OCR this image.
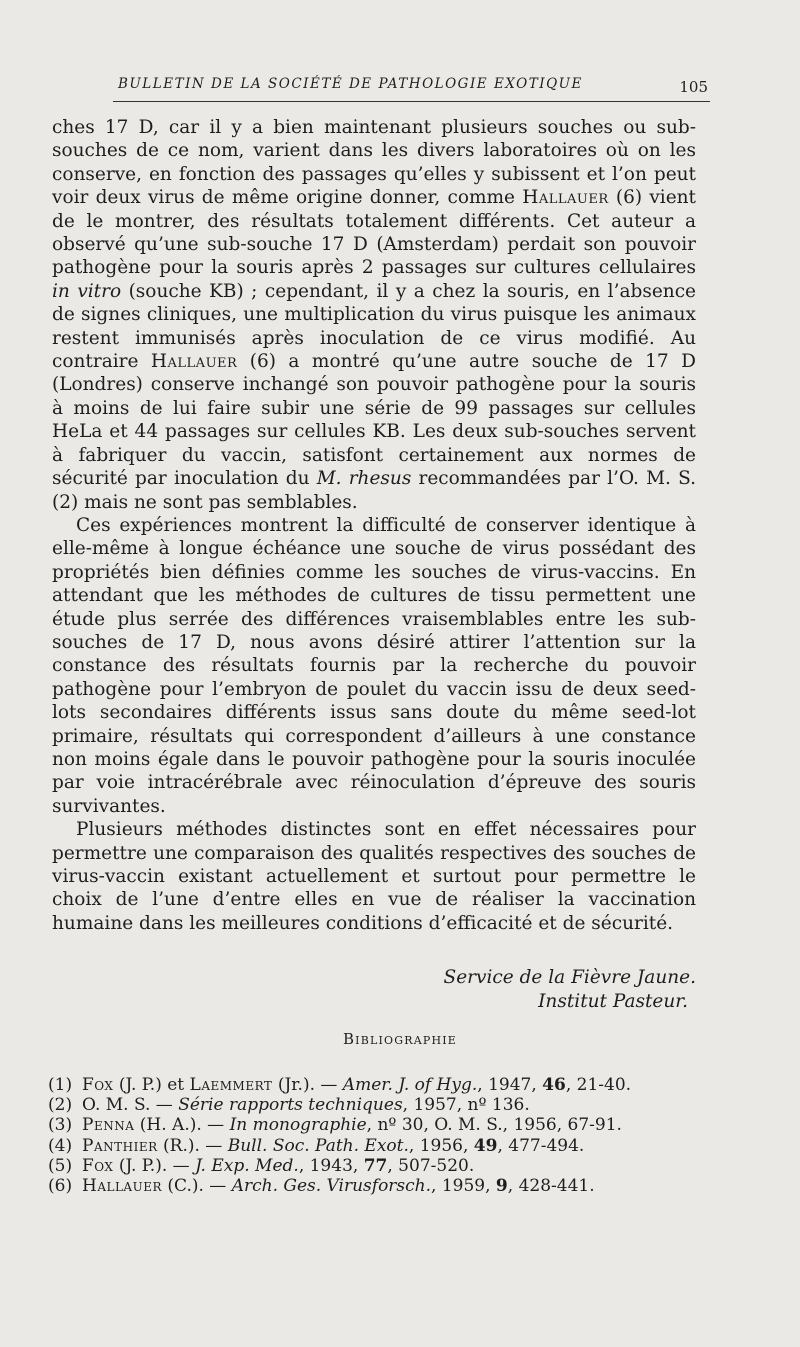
BULLETIN DE LA SOCIÉTÉ DE PATHOLOGIE EXOTIQUE	105

ches 17 D, car il y a bien maintenant plusieurs souches ou sub-souches de ce nom, varient dans les divers laboratoires où on les conserve, en fonction des passages qu’elles y subissent et l’on peut voir deux virus de même origine donner, comme Hallauer (6) vient de le montrer, des résultats totalement différents. Cet auteur a observé qu’une sub-souche 17 D (Amsterdam) perdait son pouvoir pathogène pour la souris après 2 passages sur cultures cellulaires in vitro (souche KB) ; cependant, il y a chez la souris, en l’absence de signes cliniques, une multiplication du virus puisque les animaux restent immunisés après inoculation de ce virus modifié. Au contraire Hallauer (6) a montré qu’une autre souche de 17 D (Londres) conserve inchangé son pouvoir pathogène pour la souris à moins de lui faire subir une série de 99 passages sur cellules HeLa et 44 passages sur cellules KB. Les deux sub-souches servent à fabriquer du vaccin, satisfont certainement aux normes de sécurité par inoculation du M. rhesus recommandées par l’O. M. S. (2) mais ne sont pas semblables.

Ces expériences montrent la difficulté de conserver identique à elle-même à longue échéance une souche de virus possédant des propriétés bien définies comme les souches de virus-vaccins. En attendant que les méthodes de cultures de tissu permettent une étude plus serrée des différences vraisemblables entre les sub-souches de 17 D, nous avons désiré attirer l’attention sur la constance des résultats fournis par la recherche du pouvoir pathogène pour l’embryon de poulet du vaccin issu de deux seed-lots secondaires différents issus sans doute du même seed-lot primaire, résultats qui correspondent d’ailleurs à une constance non moins égale dans le pouvoir pathogène pour la souris inoculée par voie intracérébrale avec réinoculation d’épreuve des souris survivantes.

Plusieurs méthodes distinctes sont en effet nécessaires pour permettre une comparaison des qualités respectives des souches de virus-vaccin existant actuellement et surtout pour permettre le choix de l’une d’entre elles en vue de réaliser la vaccination humaine dans les meilleures conditions d’efficacité et de sécurité.

Service de la Fièvre Jaune.
Institut Pasteur.
Bibliographie
(1) Fox (J. P.) et Laemmert (Jr.). — Amer. J. of Hyg., 1947, 46, 21-40.
(2) O. M. S. — Série rapports techniques, 1957, nº 136.
(3) Penna (H. A.). — In monographie, nº 30, O. M. S., 1956, 67-91.
(4) Panthier (R.). — Bull. Soc. Path. Exot., 1956, 49, 477-494.
(5) Fox (J. P.). — J. Exp. Med., 1943, 77, 507-520.
(6) Hallauer (C.). — Arch. Ges. Virusforsch., 1959, 9, 428-441.
